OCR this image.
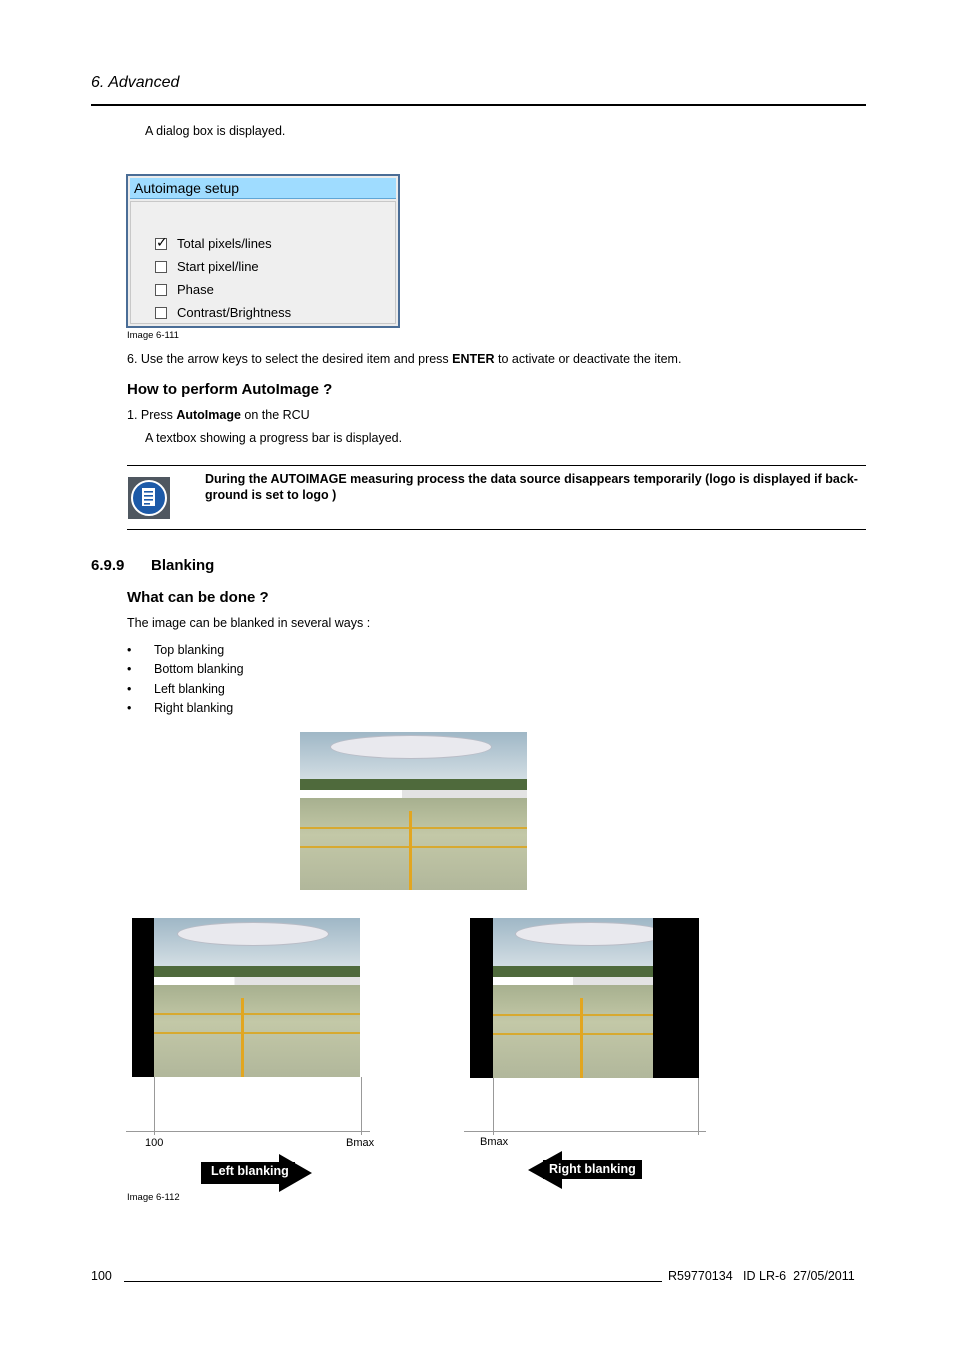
6. Advanced
A dialog box is displayed.
Autoimage setup
✓
Total pixels/lines
Start pixel/line
Phase
Contrast/Brightness
Image 6-111
6. Use the arrow keys to select the desired item and press ENTER to activate or deactivate the item.
How to perform AutoImage ?
1. Press AutoImage on the RCU
A textbox showing a progress bar is displayed.
During the AUTOIMAGE measuring process the data source disappears temporarily (logo is displayed if back-
ground is set to logo )
6.9.9 Blanking
What can be done ?
The image can be blanked in several ways :
• Top blanking
• Bottom blanking
• Left blanking
• Right blanking
100	Bmax	Bmax
Left blanking	Right blanking
Image 6-112
100	R59770134   ID LR-6  27/05/2011
